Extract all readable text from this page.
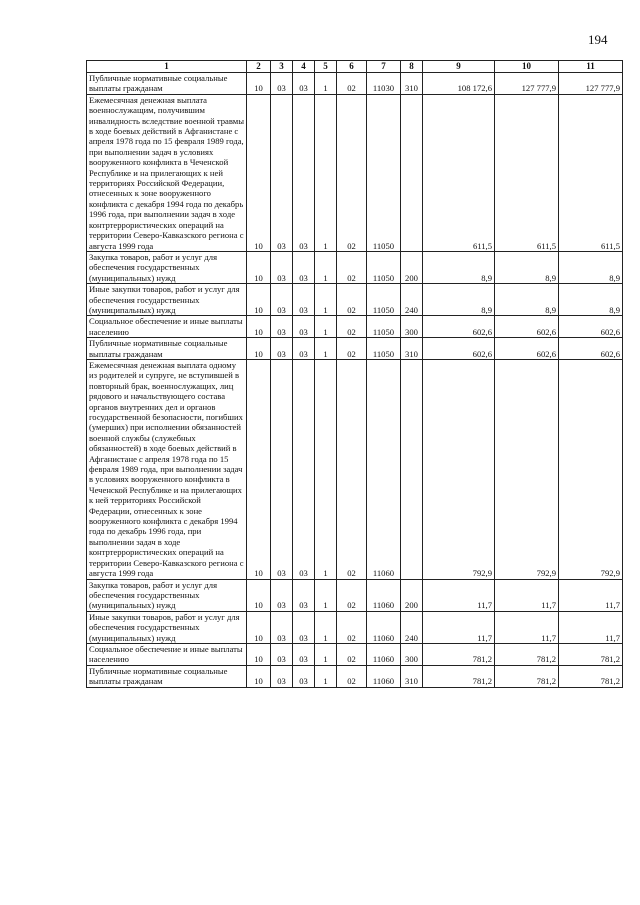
194
1	2	3	4	5	6	7	8	9	10	11
Публичные нормативные социальные выплаты гражданам	10	03	03	1	02	11030	310	108 172,6	127 777,9	127 777,9
Ежемесячная денежная выплата военнослужащим, получившим инвалидность вследствие военной травмы в ходе боевых действий в Афганистане с апреля 1978 года по 15 февраля 1989 года, при выполнении задач в условиях вооруженного конфликта в Чеченской Республике и на прилегающих к ней территориях Российской Федерации, отнесенных к зоне вооруженного конфликта с декабря 1994 года по декабрь 1996 года, при выполнении задач в ходе контртеррористических операций на территории Северо-Кавказского региона с августа 1999 года	10	03	03	1	02	11050		611,5	611,5	611,5
Закупка товаров, работ и услуг для обеспечения государственных (муниципальных) нужд	10	03	03	1	02	11050	200	8,9	8,9	8,9
Иные закупки товаров, работ и услуг для обеспечения государственных (муниципальных) нужд	10	03	03	1	02	11050	240	8,9	8,9	8,9
Социальное обеспечение и иные выплаты населению	10	03	03	1	02	11050	300	602,6	602,6	602,6
Публичные нормативные социальные выплаты гражданам	10	03	03	1	02	11050	310	602,6	602,6	602,6
Ежемесячная денежная выплата одному из родителей и супруге, не вступившей в повторный брак, военнослужащих, лиц рядового и начальствующего состава органов внутренних дел и органов государственной безопасности, погибших (умерших) при исполнении обязанностей военной службы (служебных обязанностей) в ходе боевых действий в Афганистане с апреля 1978 года по 15 февраля 1989 года, при выполнении задач в условиях вооруженного конфликта в Чеченской Республике и на прилегающих к ней территориях Российской Федерации, отнесенных к зоне вооруженного конфликта с декабря 1994 года по декабрь 1996 года, при выполнении задач в ходе контртеррористических операций на территории Северо-Кавказского региона с августа 1999 года	10	03	03	1	02	11060		792,9	792,9	792,9
Закупка товаров, работ и услуг для обеспечения государственных (муниципальных) нужд	10	03	03	1	02	11060	200	11,7	11,7	11,7
Иные закупки товаров, работ и услуг для обеспечения государственных (муниципальных) нужд	10	03	03	1	02	11060	240	11,7	11,7	11,7
Социальное обеспечение и иные выплаты населению	10	03	03	1	02	11060	300	781,2	781,2	781,2
Публичные нормативные социальные выплаты гражданам	10	03	03	1	02	11060	310	781,2	781,2	781,2
